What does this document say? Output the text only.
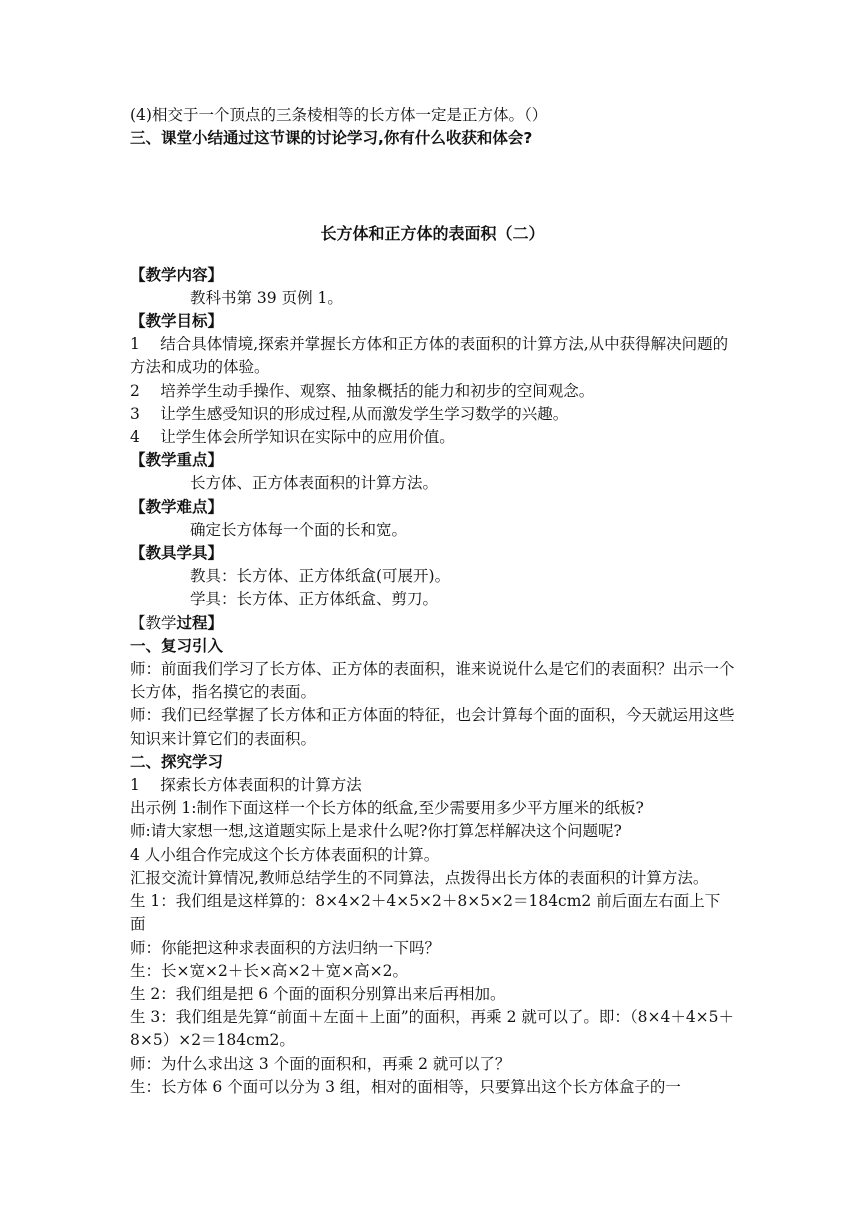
(4)相交于一个顶点的三条棱相等的长方体一定是正方体。（）
三、课堂小结通过这节课的讨论学习,你有什么收获和体会?
长方体和正方体的表面积（二）
【教学内容】
教科书第 39 页例 1。
【教学目标】
1　 结合具体情境,探索并掌握长方体和正方体的表面积的计算方法,从中获得解决问题的方法和成功的体验。
2　 培养学生动手操作、观察、抽象概括的能力和初步的空间观念。
3　 让学生感受知识的形成过程,从而激发学生学习数学的兴趣。
4　 让学生体会所学知识在实际中的应用价值。
【教学重点】
长方体、正方体表面积的计算方法。
【教学难点】
确定长方体每一个面的长和宽。
【教具学具】
教具：长方体、正方体纸盒(可展开)。
学具：长方体、正方体纸盒、剪刀。
【教学过程】
一、复习引入
师：前面我们学习了长方体、正方体的表面积，谁来说说什么是它们的表面积？出示一个长方体，指名摸它的表面。
师：我们已经掌握了长方体和正方体面的特征，也会计算每个面的面积，今天就运用这些知识来计算它们的表面积。
二、探究学习
1　 探索长方体表面积的计算方法
出示例 1:制作下面这样一个长方体的纸盒,至少需要用多少平方厘米的纸板?
师:请大家想一想,这道题实际上是求什么呢?你打算怎样解决这个问题呢?
4 人小组合作完成这个长方体表面积的计算。
汇报交流计算情况,教师总结学生的不同算法，点拨得出长方体的表面积的计算方法。
生 1：我们组是这样算的：8×4×2＋4×5×2＋8×5×2＝184cm2 前后面左右面上下面
师：你能把这种求表面积的方法归纳一下吗？
生：长×宽×2＋长×高×2＋宽×高×2。
生 2：我们组是把 6 个面的面积分别算出来后再相加。
生 3：我们组是先算“前面＋左面＋上面”的面积，再乘 2 就可以了。即：（8×4＋4×5＋8×5）×2＝184cm2。
师：为什么求出这 3 个面的面积和，再乘 2 就可以了？
生：长方体 6 个面可以分为 3 组，相对的面相等，只要算出这个长方体盒子的一
